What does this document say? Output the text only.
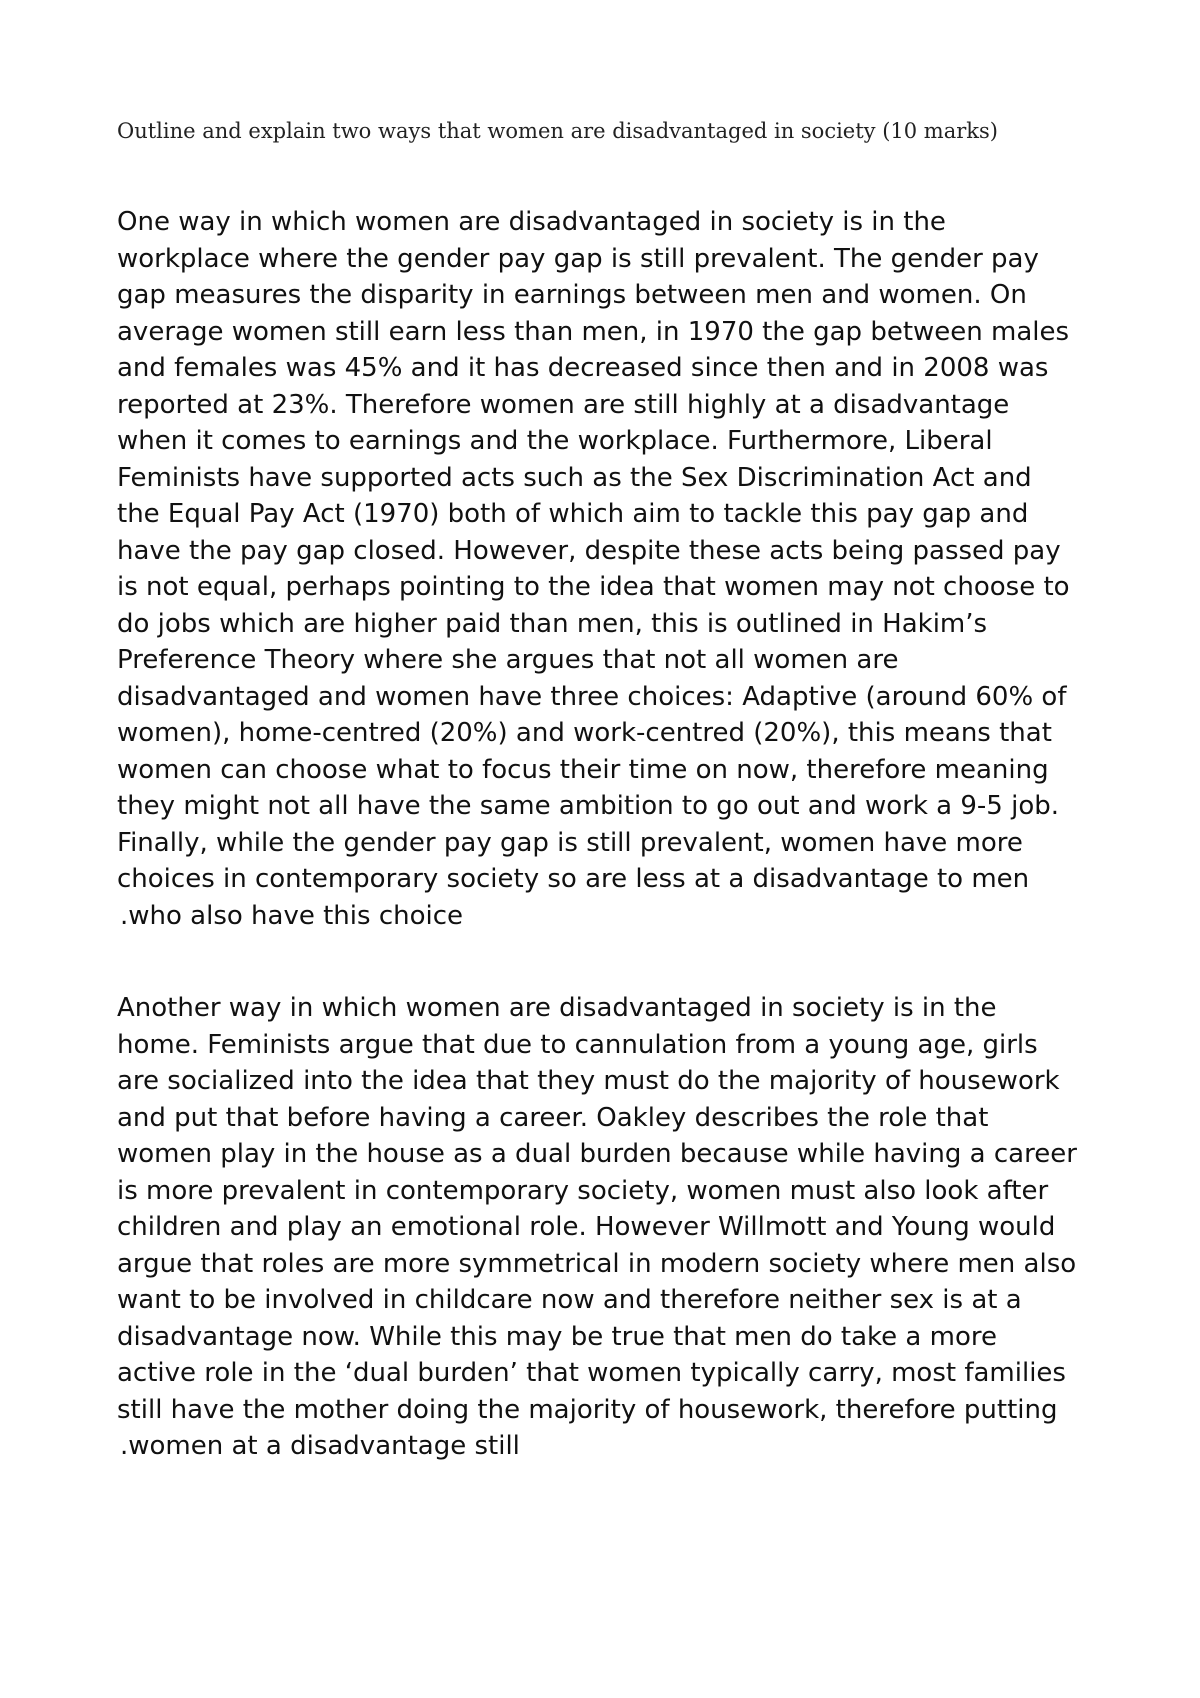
Outline and explain two ways that women are disadvantaged in society (10 marks)

One way in which women are disadvantaged in society is in the

workplace where the gender pay gap is still prevalent. The gender pay

gap measures the disparity in earnings between men and women. On

average women still earn less than men, in 1970 the gap between males

and females was 45% and it has decreased since then and in 2008 was

reported at 23%. Therefore women are still highly at a disadvantage

when it comes to earnings and the workplace. Furthermore, Liberal

Feminists have supported acts such as the Sex Discrimination Act and

the Equal Pay Act (1970) both of which aim to tackle this pay gap and

have the pay gap closed. However, despite these acts being passed pay

is not equal, perhaps pointing to the idea that women may not choose to

do jobs which are higher paid than men, this is outlined in Hakim’s

Preference Theory where she argues that not all women are

disadvantaged and women have three choices: Adaptive (around 60% of

women), home-centred (20%) and work-centred (20%), this means that

women can choose what to focus their time on now, therefore meaning

they might not all have the same ambition to go out and work a 9-5 job.

Finally, while the gender pay gap is still prevalent, women have more

choices in contemporary society so are less at a disadvantage to men

.who also have this choice

Another way in which women are disadvantaged in society is in the

home. Feminists argue that due to cannulation from a young age, girls

are socialized into the idea that they must do the majority of housework

and put that before having a career. Oakley describes the role that

women play in the house as a dual burden because while having a career

is more prevalent in contemporary society, women must also look after

children and play an emotional role. However Willmott and Young would

argue that roles are more symmetrical in modern society where men also

want to be involved in childcare now and therefore neither sex is at a

disadvantage now. While this may be true that men do take a more

active role in the ‘dual burden’ that women typically carry, most families

still have the mother doing the majority of housework, therefore putting

.women at a disadvantage still
